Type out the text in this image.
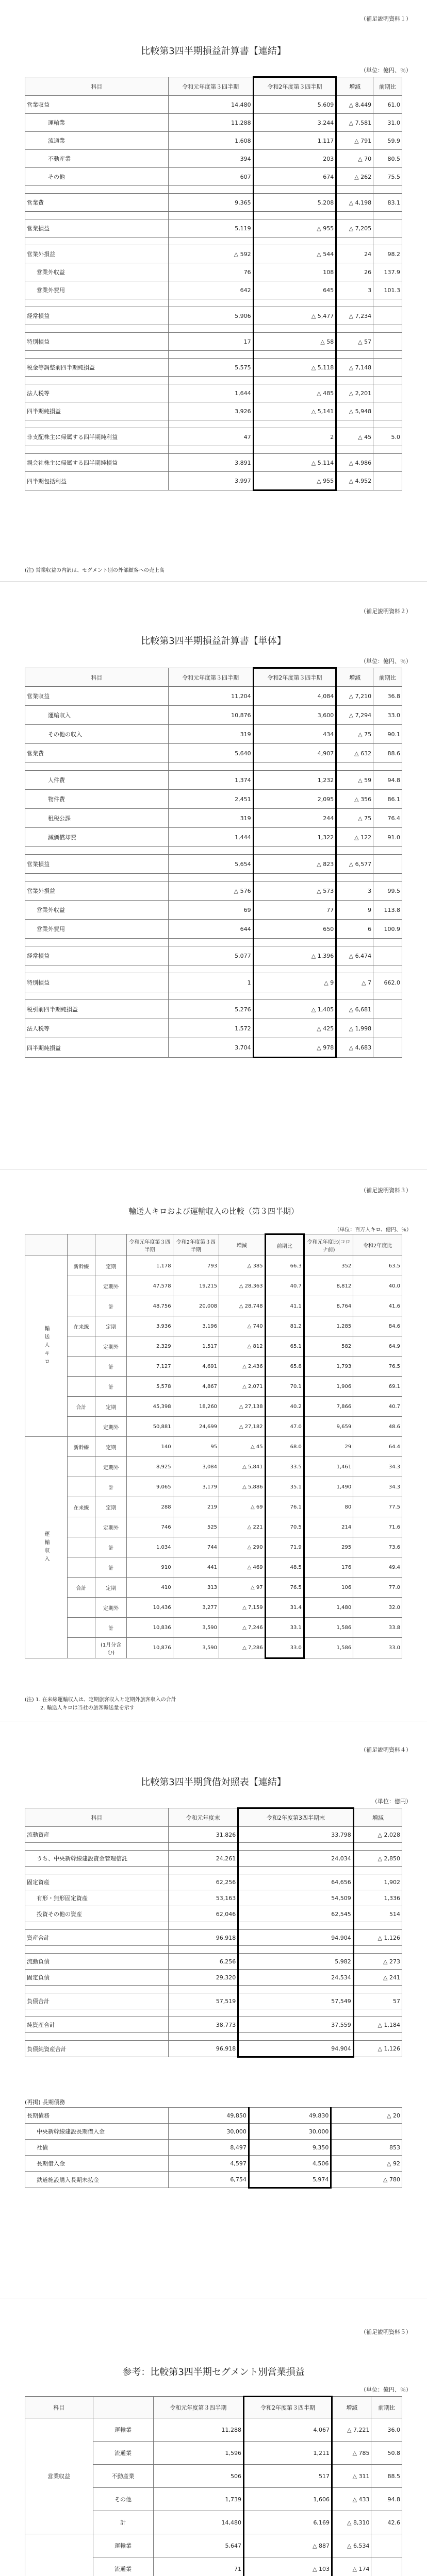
（補足説明資料１）
比較第3四半期損益計算書【連結】
（単位：億円、％）
科目	令和元年度第３四半期	令和2年度第３四半期	増減	前期比
営業収益	14,480	5,609	△ 8,449	61.0
運輸業	11,288	3,244	△ 7,581	31.0
流通業	1,608	1,117	△ 791	59.9
不動産業	394	203	△ 70	80.5
その他	607	674	△ 262	75.5

営業費	9,365	5,208	△ 4,198	83.1

営業損益	5,119	△ 955	△ 7,205	

営業外損益	△ 592	△ 544	24	98.2
営業外収益	76	108	26	137.9
営業外費用	642	645	3	101.3

経常損益	5,906	△ 5,477	△ 7,234	

特別損益	17	△ 58	△ 57	

税金等調整前四半期純損益	5,575	△ 5,118	△ 7,148	

法人税等	1,644	△ 485	△ 2,201	
四半期純損益	3,926	△ 5,141	△ 5,948	

非支配株主に帰属する四半期純利益	47	2	△ 45	5.0

親会社株主に帰属する四半期純損益	3,891	△ 5,114	△ 4,986	
四半期包括利益	3,997	△ 955	△ 4,952	
(注) 営業収益の内訳は、セグメント別の外部顧客への売上高
（補足説明資料２）
比較第3四半期損益計算書【単体】
（単位：億円、％）
科目	令和元年度第３四半期	令和2年度第３四半期	増減	前期比
営業収益	11,204	4,084	△ 7,210	36.8
運輸収入	10,876	3,600	△ 7,294	33.0
その他の収入	319	434	△ 75	90.1
営業費	5,640	4,907	△ 632	88.6

人件費	1,374	1,232	△ 59	94.8
物件費	2,451	2,095	△ 356	86.1
租税公課	319	244	△ 75	76.4
減価償却費	1,444	1,322	△ 122	91.0

営業損益	5,654	△ 823	△ 6,577	

営業外損益	△ 576	△ 573	3	99.5
営業外収益	69	77	9	113.8
営業外費用	644	650	6	100.9

経常損益	5,077	△ 1,396	△ 6,474	

特別損益	1	△ 9	△ 7	662.0

税引前四半期純損益	5,276	△ 1,405	△ 6,681	
法人税等	1,572	△ 425	△ 1,998	
四半期純損益	3,704	△ 978	△ 4,683	
（補足説明資料３）
輸送人キロおよび運輸収入の比較（第３四半期）
（単位：百万人キロ、億円、％）
			令和元年度第３四半期	令和2年度第３四半期	増減	前期比	令和元年度比(コロナ前)	令和2年度比
輸送人キロ	新幹線	定期	1,178	793	△ 385	66.3	352	63.5
		定期外	47,578	19,215	△ 28,363	40.7	8,812	40.0
		計	48,756	20,008	△ 28,748	41.1	8,764	41.6
	在来線	定期	3,936	3,196	△ 740	81.2	1,285	84.6
		定期外	2,329	1,517	△ 812	65.1	582	64.9
		計	7,127	4,691	△ 2,436	65.8	1,793	76.5
		計	5,578	4,867	△ 2,071	70.1	1,906	69.1
	合計	定期	45,398	18,260	△ 27,138	40.2	7,866	40.7
		定期外	50,881	24,699	△ 27,182	47.0	9,659	48.6
運輸収入	新幹線	定期	140	95	△ 45	68.0	29	64.4
		定期外	8,925	3,084	△ 5,841	33.5	1,461	34.3
		計	9,065	3,179	△ 5,886	35.1	1,490	34.3
	在来線	定期	288	219	△ 69	76.1	80	77.5
		定期外	746	525	△ 221	70.5	214	71.6
		計	1,034	744	△ 290	71.9	295	73.6
		計	910	441	△ 469	48.5	176	49.4
	合計	定期	410	313	△ 97	76.5	106	77.0
		定期外	10,436	3,277	△ 7,159	31.4	1,480	32.0
		計	10,836	3,590	△ 7,246	33.1	1,586	33.8
		(1月分含む)	10,876	3,590	△ 7,286	33.0	1,586	33.0
(注) 1. 在来線運輸収入は、定期旅客収入と定期外旅客収入の合計
2. 輸送人キロは当社の旅客輸送量を示す
（補足説明資料４）
比較第3四半期貸借対照表【連結】
（単位：億円）
科目	令和元年度末	令和2年度第3四半期末	増減
流動資産	31,826	33,798	△ 2,028

うち、中央新幹線建設資金管理信託	24,261	24,034	△ 2,850

固定資産	62,256	64,656	1,902
有形・無形固定資産	53,163	54,509	1,336
投資その他の資産	62,046	62,545	514

資産合計	96,918	94,904	△ 1,126

流動負債	6,256	5,982	△ 273
固定負債	29,320	24,534	△ 241

負債合計	57,519	57,549	57

純資産合計	38,773	37,559	△ 1,184

負債純資産合計	96,918	94,904	△ 1,126
(再掲) 長期債務
長期債務	49,850	49,830	△ 20
中央新幹線建設長期借入金	30,000	30,000	
社債	8,497	9,350	853
長期借入金	4,597	4,506	△ 92
鉄道施設購入長期未払金	6,754	5,974	△ 780
（補足説明資料５）
参考：比較第3四半期セグメント別営業損益
（単位：億円、％）
科目		令和元年度第３四半期	令和2年度第３四半期	増減	前期比
営業収益	運輸業	11,288	4,067	△ 7,221	36.0
	流通業	1,596	1,211	△ 785	50.8
	不動産業	506	517	△ 311	88.5
	その他	1,739	1,606	△ 433	94.8
	計	14,480	6,169	△ 8,310	42.6
	運輸業	5,647	△ 887	△ 6,534	
	流通業	71	△ 103	△ 174	
